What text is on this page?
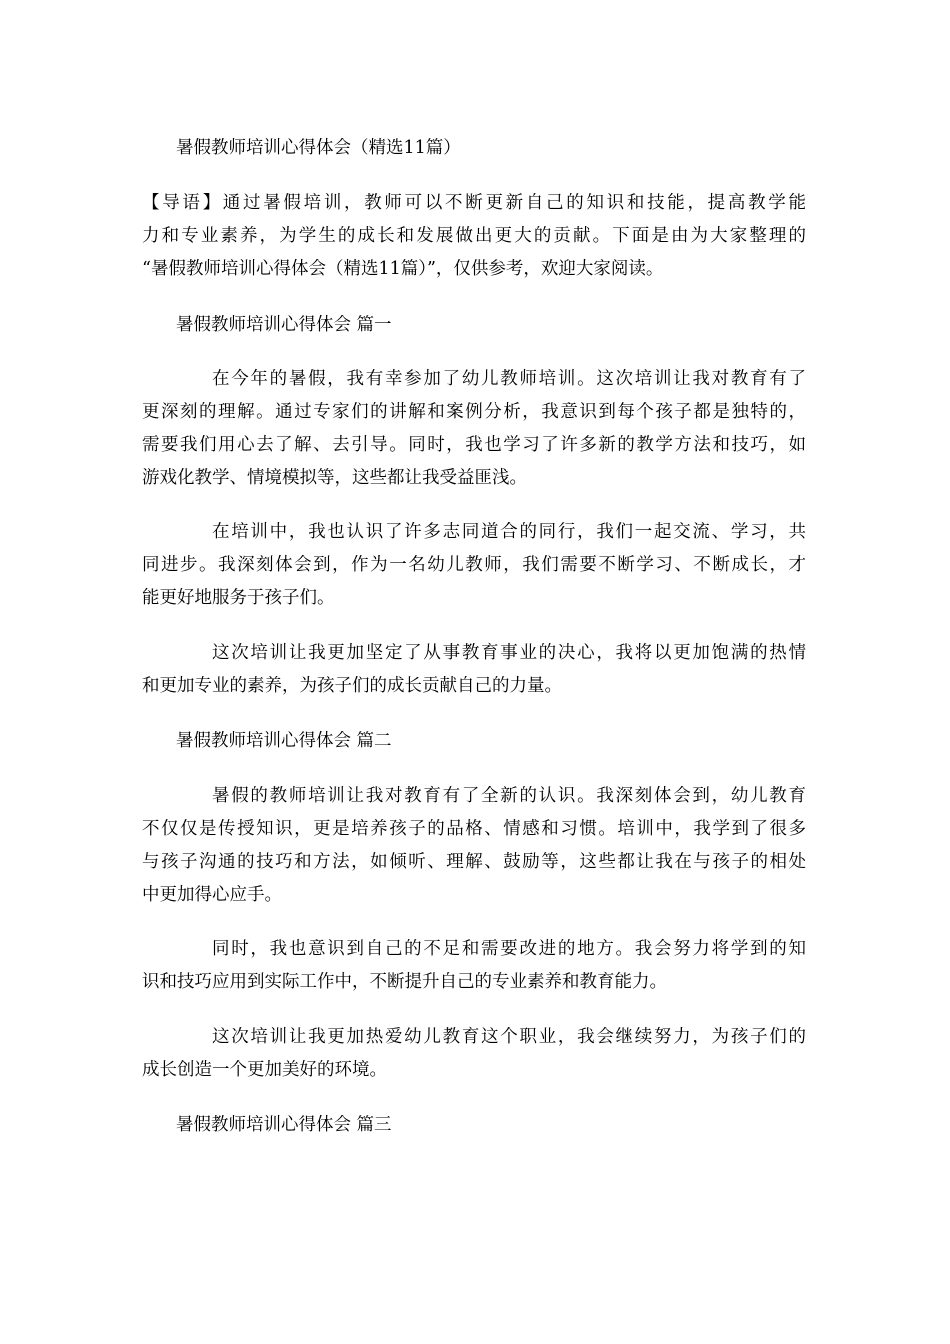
暑假教师培训心得体会（精选11篇）

【导语】通过暑假培训，教师可以不断更新自己的知识和技能，提高教学能

力和专业素养，为学生的成长和发展做出更大的贡献。下面是由为大家整理的

“暑假教师培训心得体会（精选11篇）”，仅供参考，欢迎大家阅读。

暑假教师培训心得体会 篇一

在今年的暑假，我有幸参加了幼儿教师培训。这次培训让我对教育有了

更深刻的理解。通过专家们的讲解和案例分析，我意识到每个孩子都是独特的，

需要我们用心去了解、去引导。同时，我也学习了许多新的教学方法和技巧，如

游戏化教学、情境模拟等，这些都让我受益匪浅。

在培训中，我也认识了许多志同道合的同行，我们一起交流、学习，共

同进步。我深刻体会到，作为一名幼儿教师，我们需要不断学习、不断成长，才

能更好地服务于孩子们。

这次培训让我更加坚定了从事教育事业的决心，我将以更加饱满的热情

和更加专业的素养，为孩子们的成长贡献自己的力量。

暑假教师培训心得体会 篇二

暑假的教师培训让我对教育有了全新的认识。我深刻体会到，幼儿教育

不仅仅是传授知识，更是培养孩子的品格、情感和习惯。培训中，我学到了很多

与孩子沟通的技巧和方法，如倾听、理解、鼓励等，这些都让我在与孩子的相处

中更加得心应手。

同时，我也意识到自己的不足和需要改进的地方。我会努力将学到的知

识和技巧应用到实际工作中，不断提升自己的专业素养和教育能力。

这次培训让我更加热爱幼儿教育这个职业，我会继续努力，为孩子们的

成长创造一个更加美好的环境。

暑假教师培训心得体会 篇三
